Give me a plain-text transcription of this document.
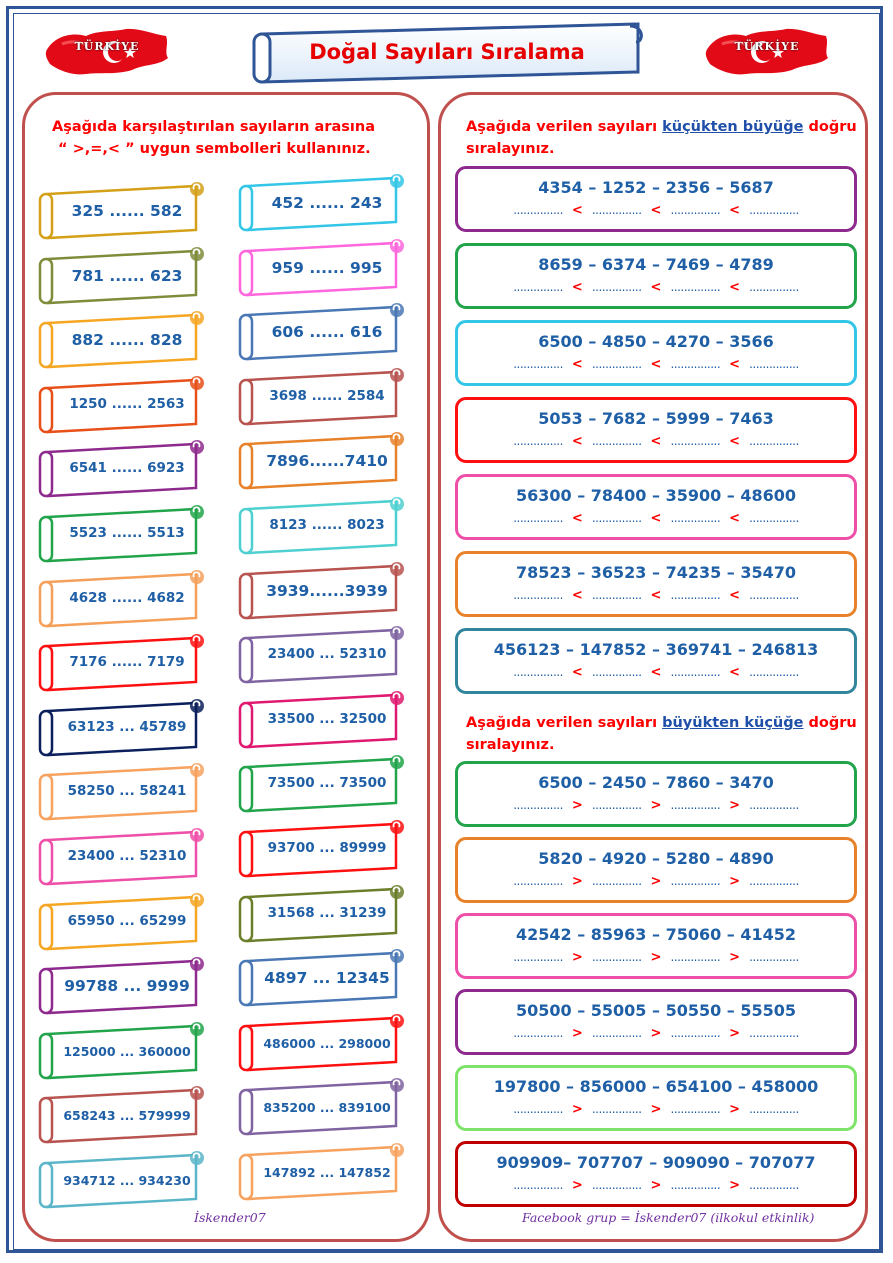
TÜRKİYE	TÜRKİYE
Doğal Sayıları Sıralama
Aşağıda karşılaştırılan sayıların arasına
“ >,=,< ” uygun sembolleri kullanınız.
325 ...... 582
781 ...... 623
882 ...... 828
1250 ...... 2563
6541 ...... 6923
5523 ...... 5513
4628 ...... 4682
7176 ...... 7179
63123 ... 45789
58250 ... 58241
23400 ... 52310
65950 ... 65299
99788 ... 9999
125000 ... 360000
658243 ... 579999
934712 ... 934230
452 ...... 243
959 ...... 995
606 ...... 616
3698 ...... 2584
7896......7410
8123 ...... 8023
3939......3939
23400 ... 52310
33500 ... 32500
73500 ... 73500
93700 ... 89999
31568 ... 31239
4897 ... 12345
486000 ... 298000
835200 ... 839100
147892 ... 147852
Aşağıda verilen sayıları küçükten büyüğe doğru
sıralayınız.
4354 – 1252 – 2356 – 5687
............... < ............... < ............... < ...............
8659 – 6374 – 7469 – 4789
............... < ............... < ............... < ...............
6500 – 4850 – 4270 – 3566
............... < ............... < ............... < ...............
5053 – 7682 – 5999 – 7463
............... < ............... < ............... < ...............
56300 – 78400 – 35900 – 48600
............... < ............... < ............... < ...............
78523 – 36523 – 74235 – 35470
............... < ............... < ............... < ...............
456123 – 147852 – 369741 – 246813
............... < ............... < ............... < ...............
Aşağıda verilen sayıları büyükten küçüğe doğru
sıralayınız.
6500 – 2450 – 7860 – 3470
............... > ............... > ............... > ...............
5820 – 4920 – 5280 – 4890
............... > ............... > ............... > ...............
42542 – 85963 – 75060 – 41452
............... > ............... > ............... > ...............
50500 – 55005 – 50550 – 55505
............... > ............... > ............... > ...............
197800 – 856000 – 654100 – 458000
............... > ............... > ............... > ...............
909909– 707707 – 909090 – 707077
............... > ............... > ............... > ...............
İskender07	Facebook grup = İskender07 (ilkokul etkinlik)
